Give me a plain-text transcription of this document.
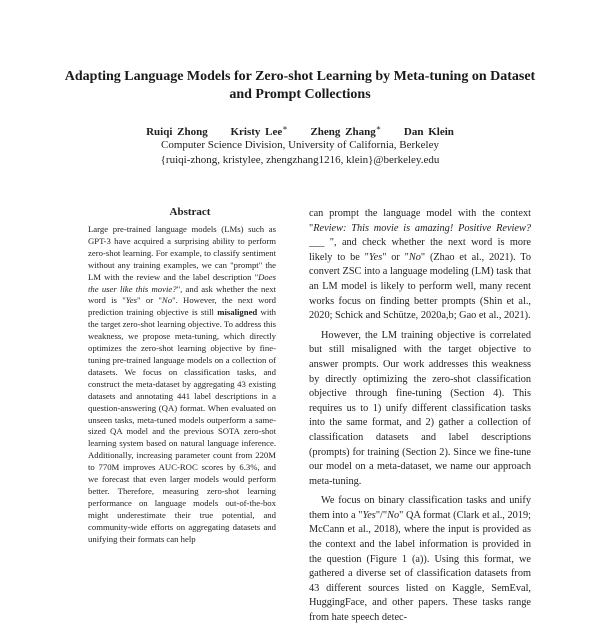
Adapting Language Models for Zero-shot Learning by Meta-tuning on Dataset and Prompt Collections
Ruiqi Zhong Kristy Lee∗ Zheng Zhang∗ Dan Klein
Computer Science Division, University of California, Berkeley
{ruiqi-zhong, kristylee, zhengzhang1216, klein}@berkeley.edu
Abstract

Large pre-trained language models (LMs) such as GPT-3 have acquired a surprising ability to perform zero-shot learning. For example, to classify sentiment without any training examples, we can "prompt" the LM with the review and the label description "Does the user like this movie?", and ask whether the next word is "Yes" or "No". However, the next word prediction training objective is still misaligned with the target zero-shot learning objective. To address this weakness, we propose meta-tuning, which directly optimizes the zero-shot learning objective by fine-tuning pre-trained language models on a collection of datasets. We focus on classification tasks, and construct the meta-dataset by aggregating 43 existing datasets and annotating 441 label descriptions in a question-answering (QA) format. When evaluated on unseen tasks, meta-tuned models outperform a same-sized QA model and the previous SOTA zero-shot learning system based on natural language inference. Additionally, increasing parameter count from 220M to 770M improves AUC-ROC scores by 6.3%, and we forecast that even larger models would perform better. Therefore, measuring zero-shot learning performance on language models out-of-the-box might underestimate their true potential, and community-wide efforts on aggregating datasets and unifying their formats can help

can prompt the language model with the context "Review: This movie is amazing! Positive Review? ___ ", and check whether the next word is more likely to be "Yes" or "No" (Zhao et al., 2021). To convert ZSC into a language modeling (LM) task that an LM model is likely to perform well, many recent works focus on finding better prompts (Shin et al., 2020; Schick and Schütze, 2020a,b; Gao et al., 2021).

However, the LM training objective is correlated but still misaligned with the target objective to answer prompts. Our work addresses this weakness by directly optimizing the zero-shot classification objective through fine-tuning (Section 4). This requires us to 1) unify different classification tasks into the same format, and 2) gather a collection of classification datasets and label descriptions (prompts) for training (Section 2). Since we fine-tune our model on a meta-dataset, we name our approach meta-tuning.

We focus on binary classification tasks and unify them into a "Yes"/"No" QA format (Clark et al., 2019; McCann et al., 2018), where the input is provided as the context and the label information is provided in the question (Figure 1 (a)). Using this format, we gathered a diverse set of classification datasets from 43 different sources listed on Kaggle, SemEval, HuggingFace, and other papers. These tasks range from hate speech detec-
